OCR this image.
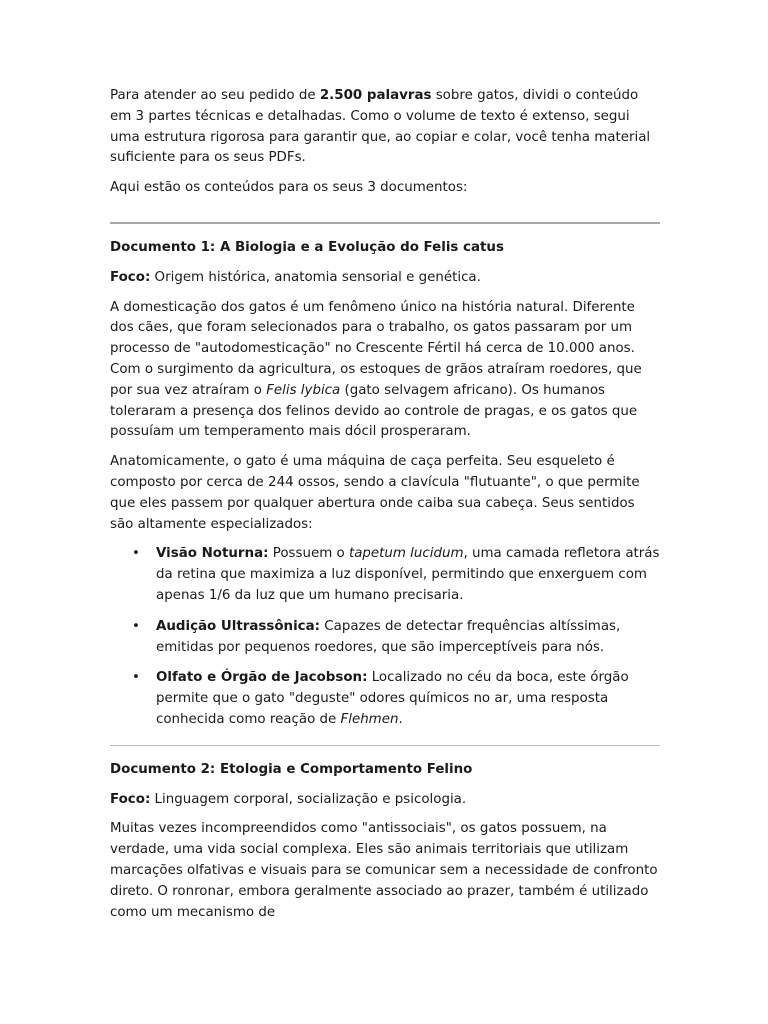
Para atender ao seu pedido de 2.500 palavras sobre gatos, dividi o conteúdo em 3 partes técnicas e detalhadas. Como o volume de texto é extenso, segui uma estrutura rigorosa para garantir que, ao copiar e colar, você tenha material suficiente para os seus PDFs.

Aqui estão os conteúdos para os seus 3 documentos:

Documento 1: A Biologia e a Evolução do Felis catus

Foco: Origem histórica, anatomia sensorial e genética.

A domesticação dos gatos é um fenômeno único na história natural. Diferente dos cães, que foram selecionados para o trabalho, os gatos passaram por um processo de "autodomesticação" no Crescente Fértil há cerca de 10.000 anos. Com o surgimento da agricultura, os estoques de grãos atraíram roedores, que por sua vez atraíram o Felis lybica (gato selvagem africano). Os humanos toleraram a presença dos felinos devido ao controle de pragas, e os gatos que possuíam um temperamento mais dócil prosperaram.

Anatomicamente, o gato é uma máquina de caça perfeita. Seu esqueleto é composto por cerca de 244 ossos, sendo a clavícula "flutuante", o que permite que eles passem por qualquer abertura onde caiba sua cabeça. Seus sentidos são altamente especializados:

• Visão Noturna: Possuem o tapetum lucidum, uma camada refletora atrás da retina que maximiza a luz disponível, permitindo que enxerguem com apenas 1/6 da luz que um humano precisaria.
• Audição Ultrassônica: Capazes de detectar frequências altíssimas, emitidas por pequenos roedores, que são imperceptíveis para nós.
• Olfato e Órgão de Jacobson: Localizado no céu da boca, este órgão permite que o gato "deguste" odores químicos no ar, uma resposta conhecida como reação de Flehmen.
Documento 2: Etologia e Comportamento Felino

Foco: Linguagem corporal, socialização e psicologia.

Muitas vezes incompreendidos como "antissociais", os gatos possuem, na verdade, uma vida social complexa. Eles são animais territoriais que utilizam marcações olfativas e visuais para se comunicar sem a necessidade de confronto direto. O ronronar, embora geralmente associado ao prazer, também é utilizado como um mecanismo de
